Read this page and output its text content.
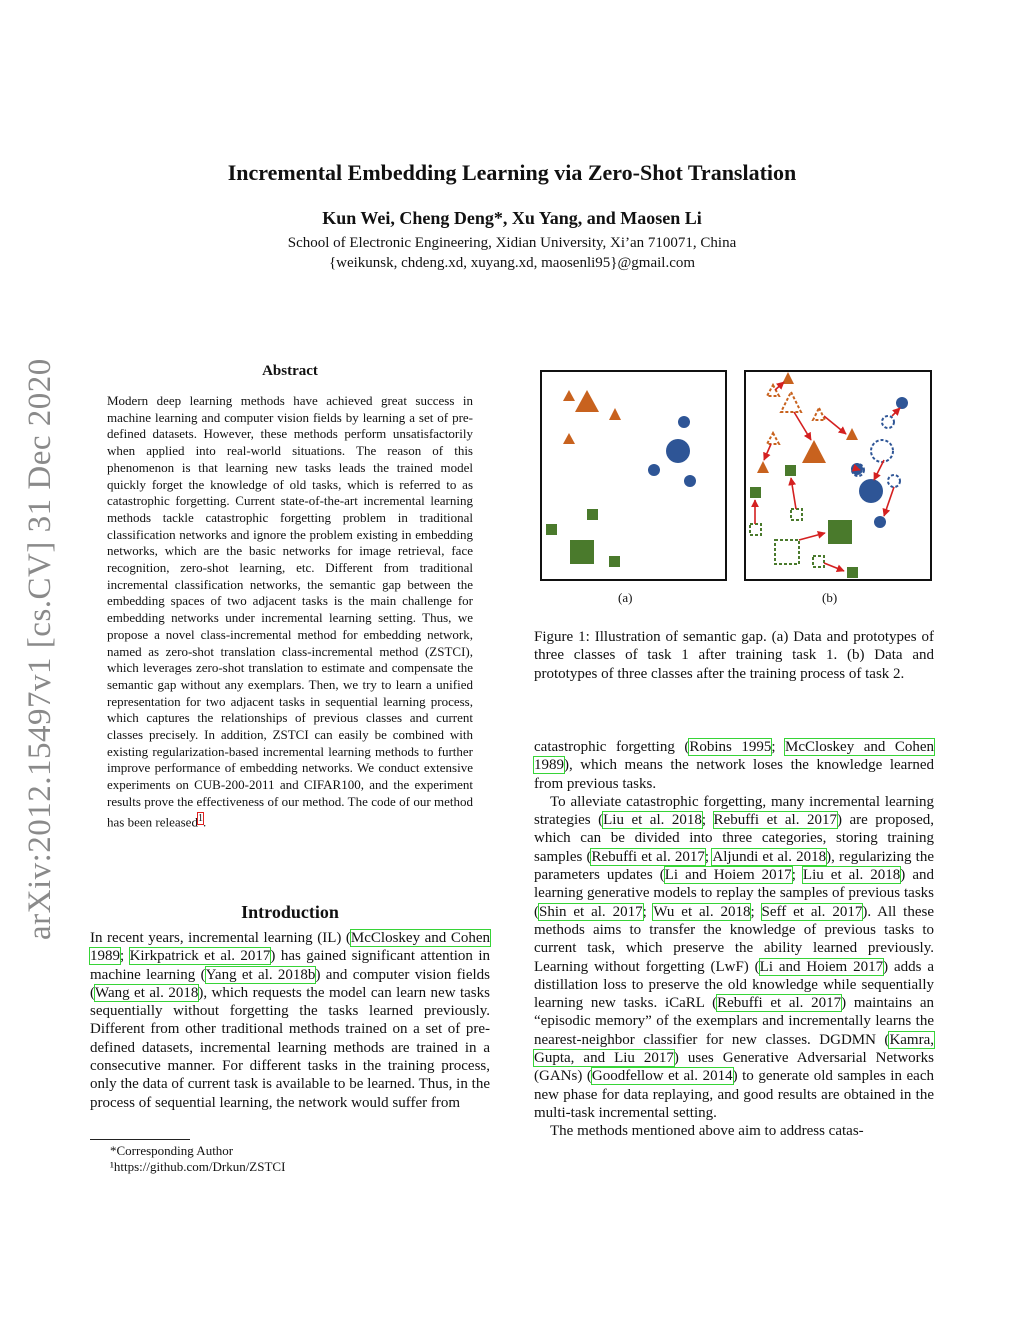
arXiv:2012.15497v1 [cs.CV] 31 Dec 2020
Incremental Embedding Learning via Zero-Shot Translation
Kun Wei, Cheng Deng*, Xu Yang, and Maosen Li
School of Electronic Engineering, Xidian University, Xi’an 710071, China
{weikunsk, chdeng.xd, xuyang.xd, maosenli95}@gmail.com
Abstract
Modern deep learning methods have achieved great success in machine learning and computer vision fields by learning a set of pre-defined datasets. However, these methods perform unsatisfactorily when applied into real-world situations. The reason of this phenomenon is that learning new tasks leads the trained model quickly forget the knowledge of old tasks, which is referred to as catastrophic forgetting. Current state-of-the-art incremental learning methods tackle catastrophic forgetting problem in traditional classification networks and ignore the problem existing in embedding networks, which are the basic networks for image retrieval, face recognition, zero-shot learning, etc. Different from traditional incremental classification networks, the semantic gap between the embedding spaces of two adjacent tasks is the main challenge for embedding networks under incremental learning setting. Thus, we propose a novel class-incremental method for embedding network, named as zero-shot translation class-incremental method (ZSTCI), which leverages zero-shot translation to estimate and compensate the semantic gap without any exemplars. Then, we try to learn a unified representation for two adjacent tasks in sequential learning process, which captures the relationships of previous classes and current classes precisely. In addition, ZSTCI can easily be combined with existing regularization-based incremental learning methods to further improve performance of embedding networks. We conduct extensive experiments on CUB-200-2011 and CIFAR100, and the experiment results prove the effectiveness of our method. The code of our method has been released$^1$.
Introduction

In recent years, incremental learning (IL) (McCloskey and Cohen 1989; Kirkpatrick et al. 2017) has gained significant attention in machine learning (Yang et al. 2018b) and computer vision fields (Wang et al. 2018), which requests the model can learn new tasks sequentially without forgetting the tasks learned previously. Different from other traditional methods trained on a set of pre-defined datasets, incremental learning methods are trained in a consecutive manner. For different tasks in the training process, only the data of current task is available to be learned. Thus, in the process of sequential learning, the network would suffer from

*Corresponding Author
¹https://github.com/Drkun/ZSTCI
(a)	(b)
Figure 1: Illustration of semantic gap. (a) Data and prototypes of three classes of task 1 after training task 1. (b) Data and prototypes of three classes after the training process of task 2.

catastrophic forgetting (Robins 1995; McCloskey and Cohen 1989), which means the network loses the knowledge learned from previous tasks.

To alleviate catastrophic forgetting, many incremental learning strategies (Liu et al. 2018; Rebuffi et al. 2017) are proposed, which can be divided into three categories, storing training samples (Rebuffi et al. 2017; Aljundi et al. 2018), regularizing the parameters updates (Li and Hoiem 2017; Liu et al. 2018) and learning generative models to replay the samples of previous tasks (Shin et al. 2017; Wu et al. 2018; Seff et al. 2017). All these methods aims to transfer the knowledge of previous tasks to current task, which preserve the ability learned previously. Learning without forgetting (LwF) (Li and Hoiem 2017) adds a distillation loss to preserve the old knowledge while sequentially learning new tasks. iCaRL (Rebuffi et al. 2017) maintains an “episodic memory” of the exemplars and incrementally learns the nearest-neighbor classifier for new classes. DGDMN (Kamra, Gupta, and Liu 2017) uses Generative Adversarial Networks (GANs) (Goodfellow et al. 2014) to generate old samples in each new phase for data replaying, and good results are obtained in the multi-task incremental setting.

The methods mentioned above aim to address catas-
